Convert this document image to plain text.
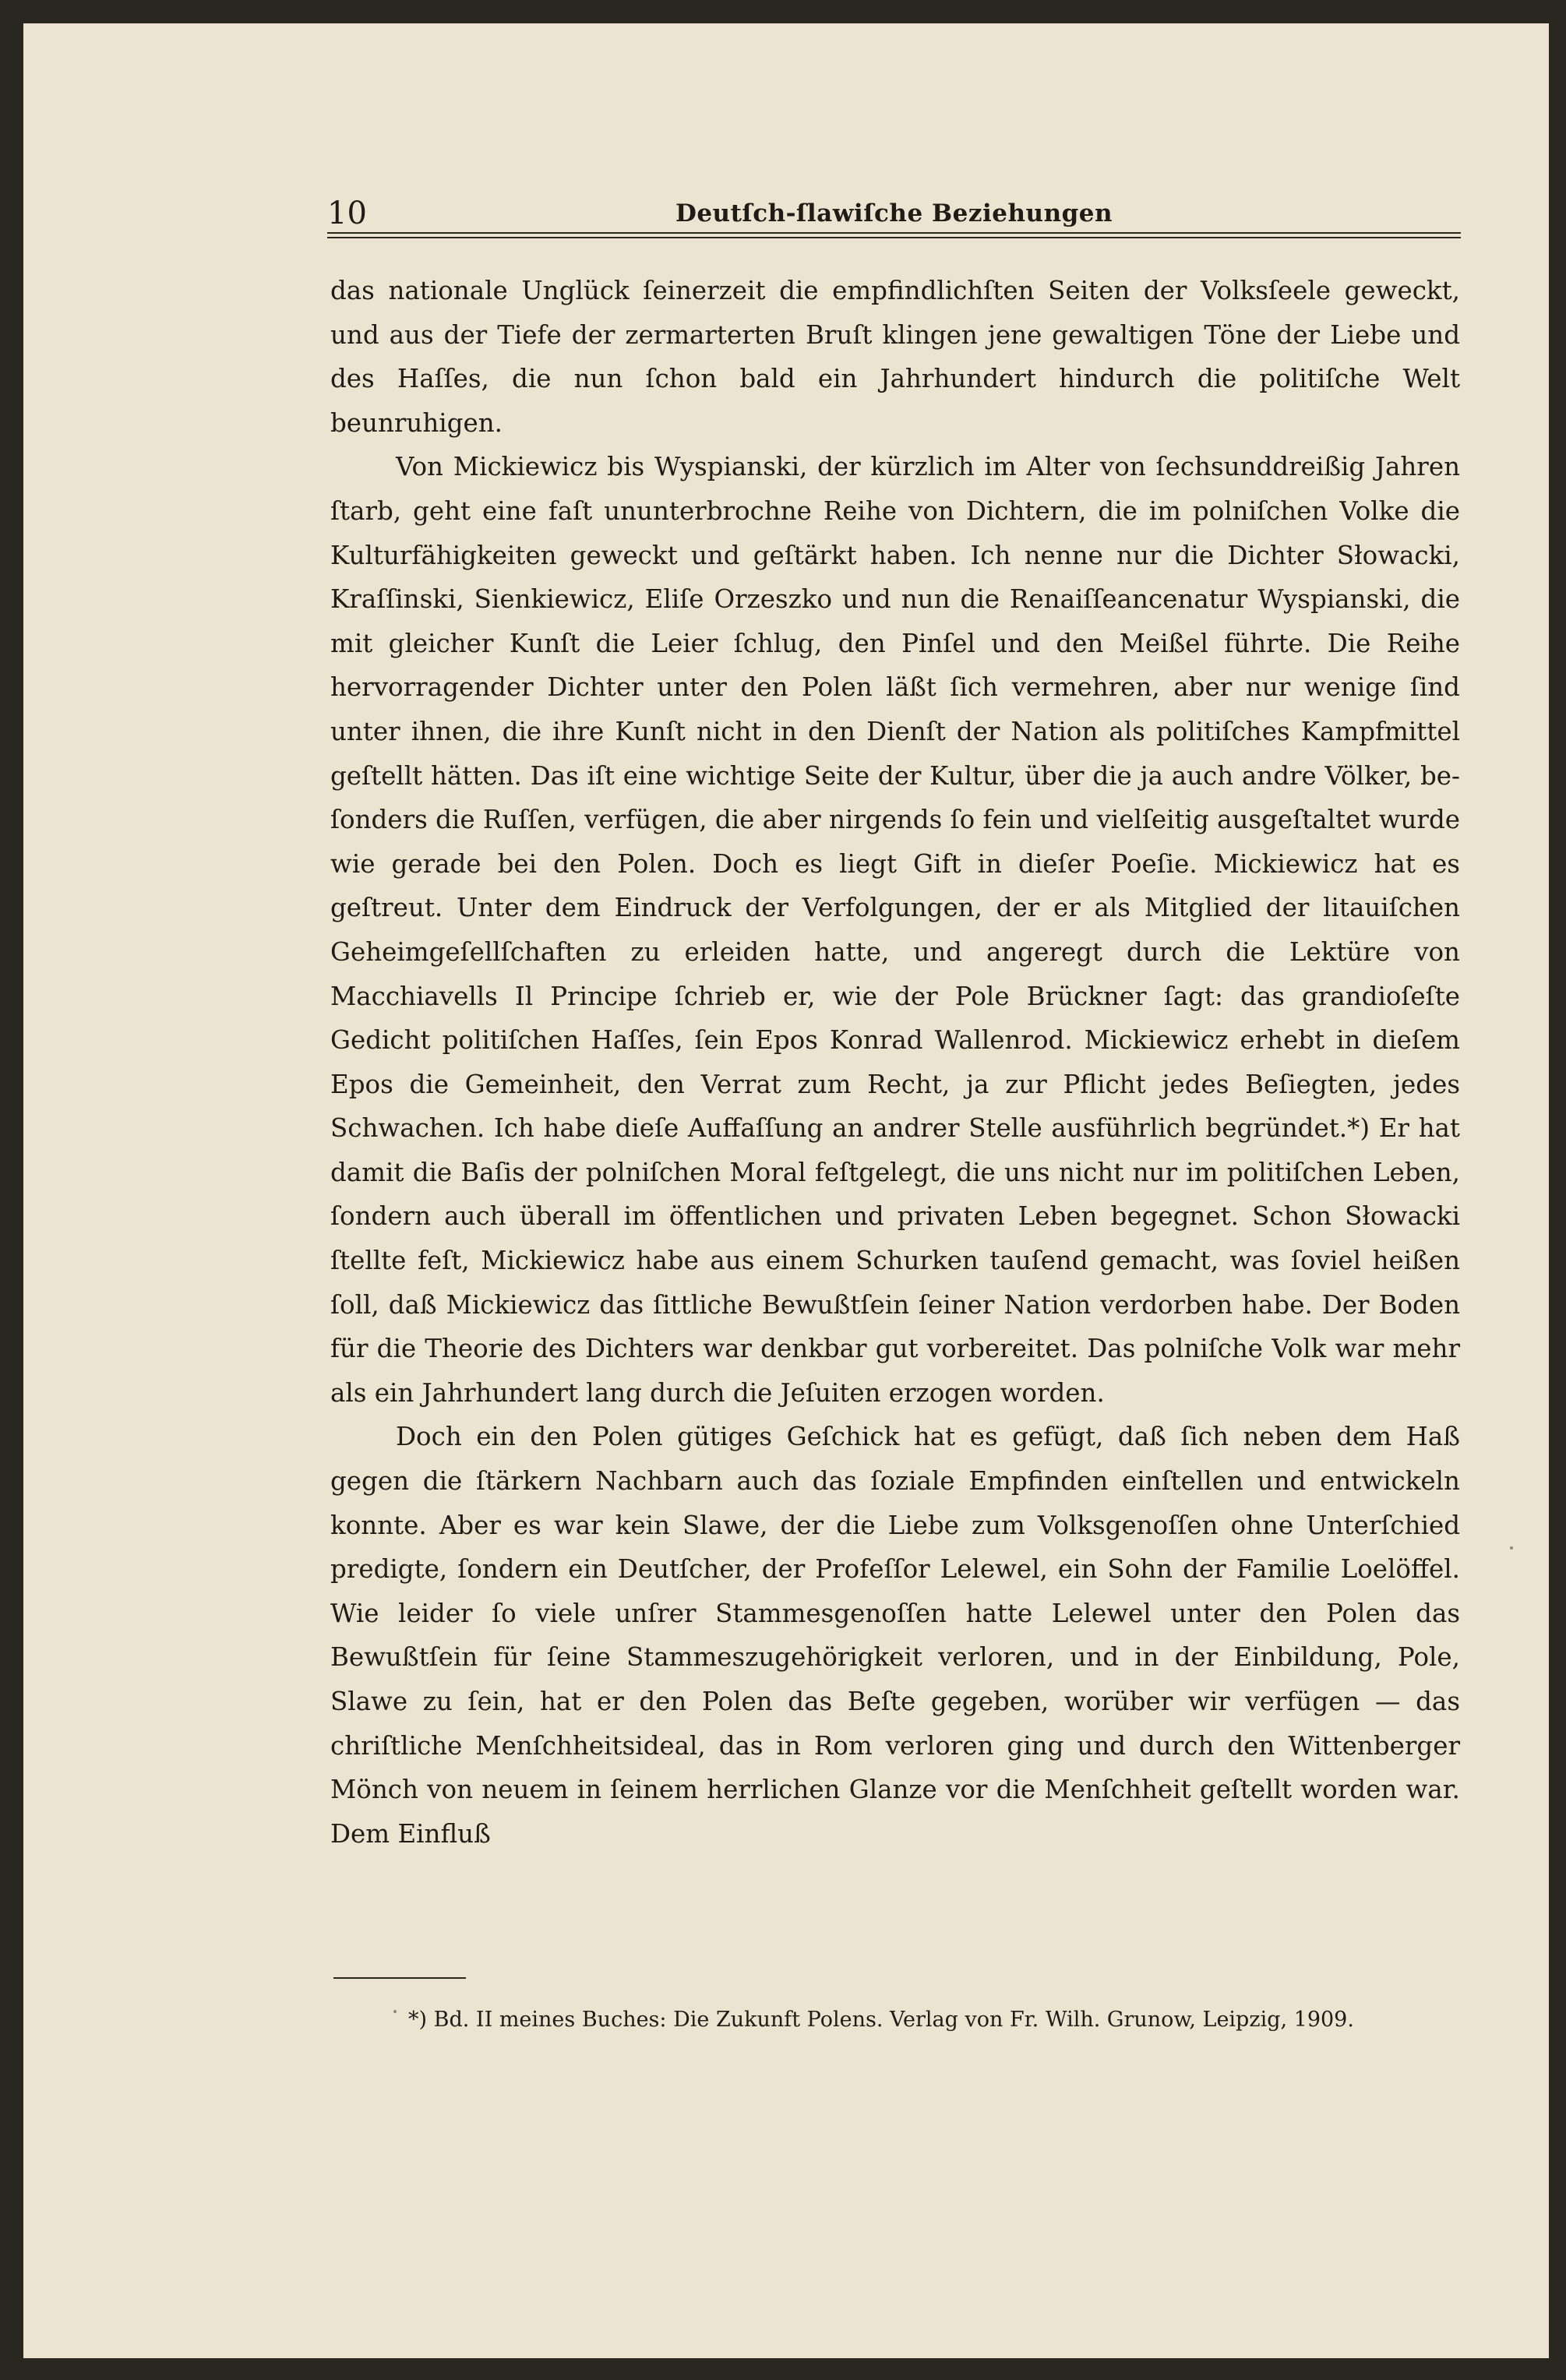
10	Deutſch-ſlawiſche Beziehungen

das nationale Unglück ſeinerzeit die empfindlichſten Seiten der Volksſeele geweckt, und aus der Tiefe der zermarterten Bruſt klingen jene gewaltigen Töne der Liebe und des Haſſes, die nun ſchon bald ein Jahrhundert hindurch die politiſche Welt beunruhigen.

Von Mickiewicz bis Wyspianski, der kürzlich im Alter von ſechsunddreißig Jahren ſtarb, geht eine faſt ununterbrochne Reihe von Dichtern, die im polniſchen Volke die Kulturfähigkeiten geweckt und geſtärkt haben. Ich nenne nur die Dichter Słowacki, Kraſſinski, Sienkiewicz, Eliſe Orzeszko und nun die Renaiſſeancenatur Wyspianski, die mit gleicher Kunſt die Leier ſchlug, den Pinſel und den Meißel führte. Die Reihe hervorragender Dichter unter den Polen läßt ſich vermehren, aber nur wenige ſind unter ihnen, die ihre Kunſt nicht in den Dienſt der Nation als politiſches Kampfmittel geſtellt hätten. Das iſt eine wichtige Seite der Kultur, über die ja auch andre Völker, beſonders die Ruſſen, verfügen, die aber nirgends ſo fein und vielſeitig ausgeſtaltet wurde wie gerade bei den Polen. Doch es liegt Gift in dieſer Poeſie. Mickiewicz hat es geſtreut. Unter dem Eindruck der Verfolgungen, der er als Mitglied der litauiſchen Geheimgeſellſchaften zu erleiden hatte, und angeregt durch die Lektüre von Macchiavells Il Principe ſchrieb er, wie der Pole Brückner ſagt: das grandioſeſte Gedicht politiſchen Haſſes, ſein Epos Konrad Wallenrod. Mickiewicz erhebt in dieſem Epos die Gemeinheit, den Verrat zum Recht, ja zur Pflicht jedes Beſiegten, jedes Schwachen. Ich habe dieſe Auffaſſung an andrer Stelle ausführlich begründet.*) Er hat damit die Baſis der polniſchen Moral feſtgelegt, die uns nicht nur im politiſchen Leben, ſondern auch überall im öffentlichen und privaten Leben begegnet. Schon Słowacki ſtellte feſt, Mickiewicz habe aus einem Schurken tauſend gemacht, was ſoviel heißen ſoll, daß Mickiewicz das ſittliche Bewußtſein ſeiner Nation verdorben habe. Der Boden für die Theorie des Dichters war denkbar gut vorbereitet. Das polniſche Volk war mehr als ein Jahrhundert lang durch die Jeſuiten erzogen worden.

Doch ein den Polen gütiges Geſchick hat es gefügt, daß ſich neben dem Haß gegen die ſtärkern Nachbarn auch das ſoziale Empfinden einſtellen und entwickeln konnte. Aber es war kein Slawe, der die Liebe zum Volksgenoſſen ohne Unterſchied predigte, ſondern ein Deutſcher, der Profeſſor Lelewel, ein Sohn der Familie Loelöffel. Wie leider ſo viele unſrer Stammesgenoſſen hatte Lelewel unter den Polen das Bewußtſein für ſeine Stammeszugehörigkeit verloren, und in der Einbildung, Pole, Slawe zu ſein, hat er den Polen das Beſte gegeben, worüber wir verfügen — das chriſtliche Menſchheitsideal, das in Rom verloren ging und durch den Wittenberger Mönch von neuem in ſeinem herrlichen Glanze vor die Menſchheit geſtellt worden war. Dem Einfluß

*) Bd. II meines Buches: Die Zukunft Polens. Verlag von Fr. Wilh. Grunow, Leipzig, 1909.
